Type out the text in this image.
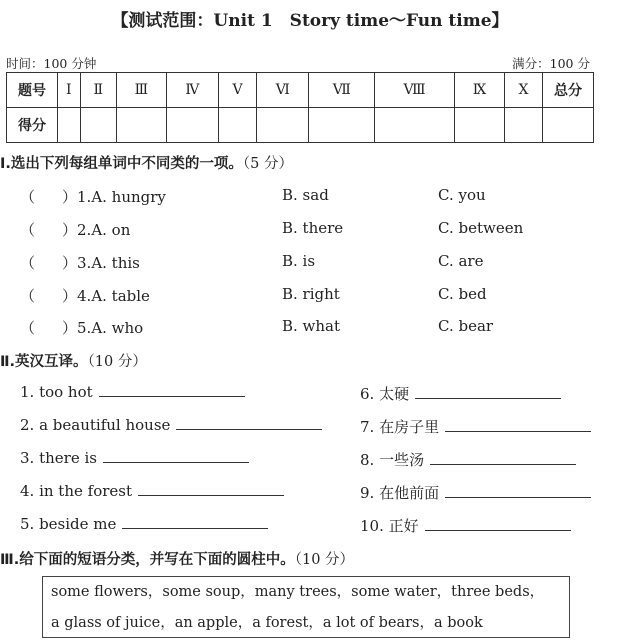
【测试范围：Unit 1　Story time～Fun time】
时间：100 分钟	满分：100 分
题号	Ⅰ	Ⅱ	Ⅲ	Ⅳ	Ⅴ	Ⅵ	Ⅶ	Ⅷ	Ⅸ	Ⅹ	总分
得分											
Ⅰ.选出下列每组单词中不同类的一项。（5 分）
（ ）1.A. hungry	B. sad	C. you
（ ）2.A. on	B. there	C. between
（ ）3.A. this	B. is	C. are
（ ）4.A. table	B. right	C. bed
（ ）5.A. who	B. what	C. bear
Ⅱ.英汉互译。（10 分）
1. too hot
2. a beautiful house
3. there is
4. in the forest
5. beside me
6. 太硬
7. 在房子里
8. 一些汤
9. 在他前面
10. 正好
Ⅲ.给下面的短语分类，并写在下面的圆柱中。（10 分）
some flowers，some soup，many trees，some water，three beds，
a glass of juice，an apple，a forest，a lot of bears，a book
